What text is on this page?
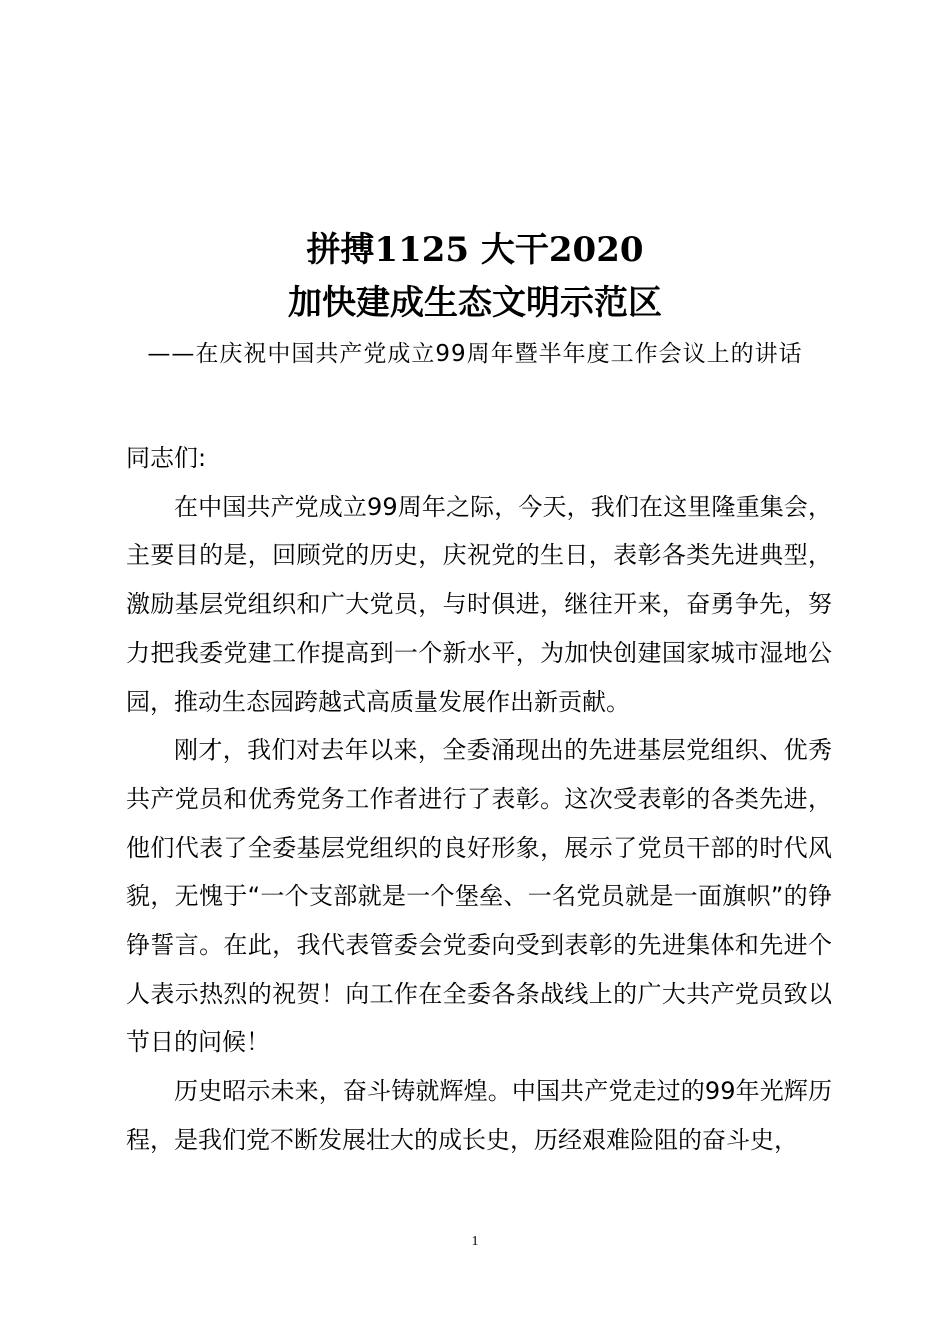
拼搏1125 大干2020
加快建成生态文明示范区
——在庆祝中国共产党成立99周年暨半年度工作会议上的讲话

同志们:

在中国共产党成立99周年之际，今天，我们在这里隆重集会，主要目的是，回顾党的历史，庆祝党的生日，表彰各类先进典型，激励基层党组织和广大党员，与时俱进，继往开来，奋勇争先，努力把我委党建工作提高到一个新水平，为加快创建国家城市湿地公园，推动生态园跨越式高质量发展作出新贡献。

刚才，我们对去年以来，全委涌现出的先进基层党组织、优秀共产党员和优秀党务工作者进行了表彰。这次受表彰的各类先进，他们代表了全委基层党组织的良好形象，展示了党员干部的时代风貌，无愧于“一个支部就是一个堡垒、一名党员就是一面旗帜”的铮铮誓言。在此，我代表管委会党委向受到表彰的先进集体和先进个人表示热烈的祝贺！向工作在全委各条战线上的广大共产党员致以节日的问候！

历史昭示未来，奋斗铸就辉煌。中国共产党走过的99年光辉历程，是我们党不断发展壮大的成长史，历经艰难险阻的奋斗史，

1
